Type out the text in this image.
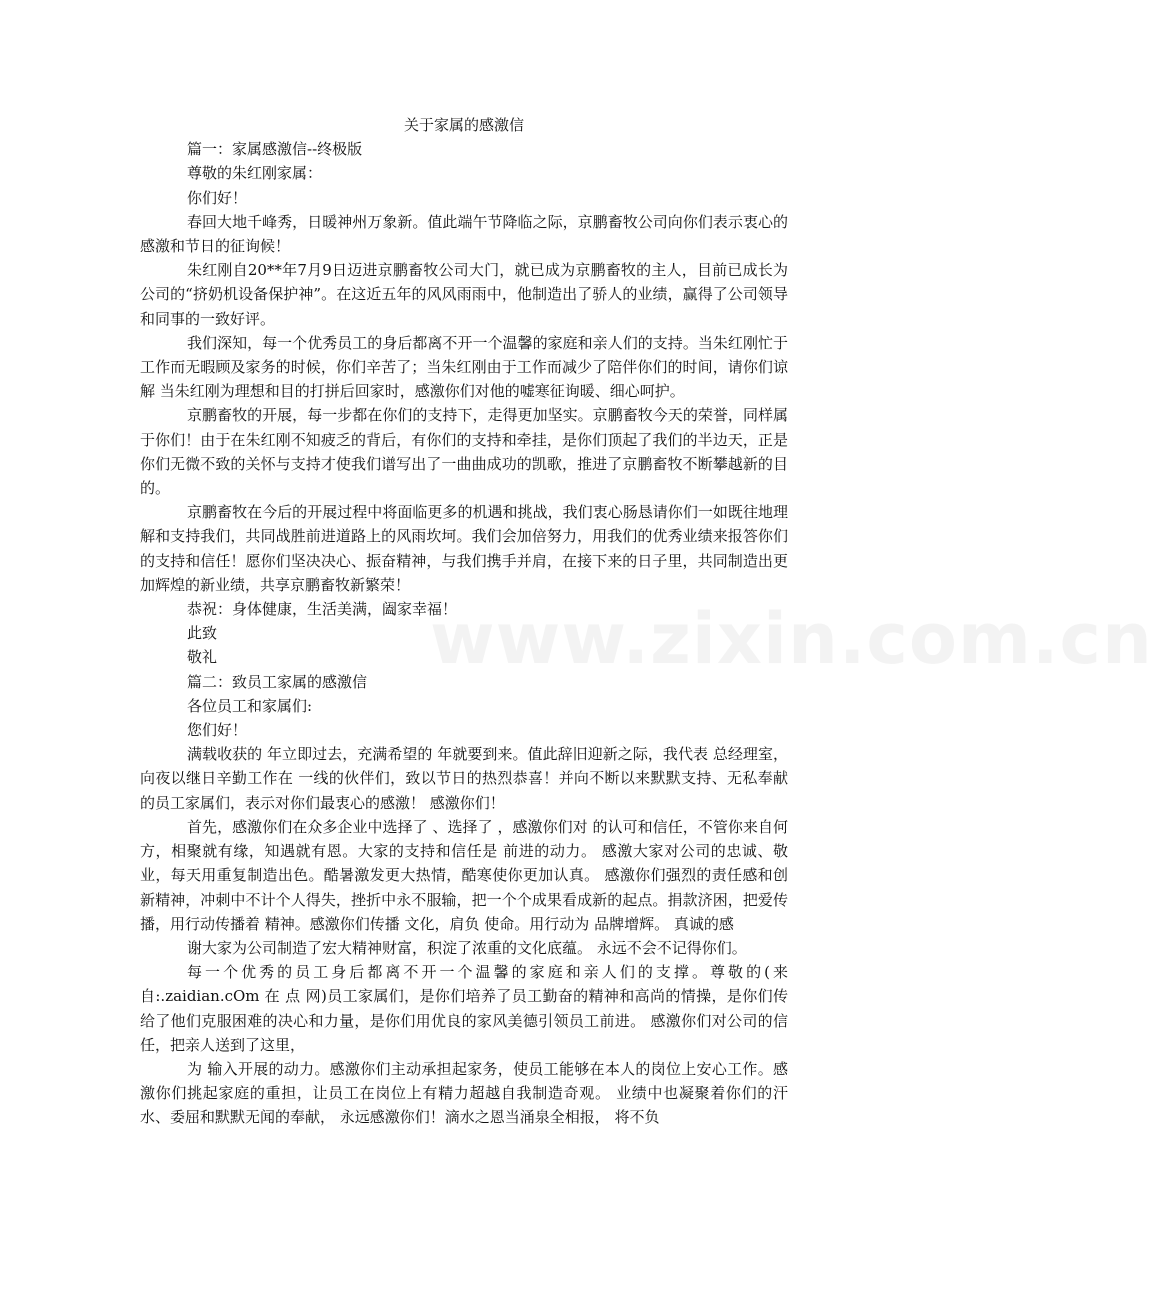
关于家属的感激信

篇一：家属感激信--终极版

尊敬的朱红刚家属：

你们好！

春回大地千峰秀，日暖神州万象新。值此端午节降临之际，京鹏畜牧公司向你们表示衷心的感激和节日的征询候！

朱红刚自20**年7月9日迈进京鹏畜牧公司大门，就已成为京鹏畜牧的主人，目前已成长为公司的“挤奶机设备保护神”。在这近五年的风风雨雨中，他制造出了骄人的业绩，赢得了公司领导和同事的一致好评。

我们深知，每一个优秀员工的身后都离不开一个温馨的家庭和亲人们的支持。当朱红刚忙于工作而无暇顾及家务的时候，你们辛苦了；当朱红刚由于工作而减少了陪伴你们的时间，请你们谅解 当朱红刚为理想和目的打拼后回家时，感激你们对他的嘘寒征询暖、细心呵护。

京鹏畜牧的开展，每一步都在你们的支持下，走得更加坚实。京鹏畜牧今天的荣誉，同样属于你们！由于在朱红刚不知疲乏的背后，有你们的支持和牵挂，是你们顶起了我们的半边天，正是你们无微不致的关怀与支持才使我们谱写出了一曲曲成功的凯歌，推进了京鹏畜牧不断攀越新的目的。

京鹏畜牧在今后的开展过程中将面临更多的机遇和挑战，我们衷心肠恳请你们一如既往地理解和支持我们，共同战胜前进道路上的风雨坎坷。我们会加倍努力，用我们的优秀业绩来报答你们的支持和信任！愿你们坚决决心、振奋精神，与我们携手并肩，在接下来的日子里，共同制造出更加辉煌的新业绩，共享京鹏畜牧新繁荣！

恭祝：身体健康，生活美满，阖家幸福！

此致

敬礼

篇二：致员工家属的感激信

各位员工和家属们:

您们好！

满载收获的 年立即过去，充满希望的 年就要到来。值此辞旧迎新之际，我代表 总经理室，向夜以继日辛勤工作在 一线的伙伴们，致以节日的热烈恭喜！并向不断以来默默支持、无私奉献的员工家属们，表示对你们最衷心的感激！ 感激你们！

首先，感激你们在众多企业中选择了 、选择了 ，感激你们对 的认可和信任，不管你来自何方，相聚就有缘，知遇就有恩。大家的支持和信任是 前进的动力。 感激大家对公司的忠诚、敬业，每天用重复制造出色。酷暑激发更大热情，酷寒使你更加认真。 感激你们强烈的责任感和创新精神，冲刺中不计个人得失，挫折中永不服输，把一个个成果看成新的起点。捐款济困，把爱传播，用行动传播着 精神。感激你们传播 文化，肩负 使命。用行动为 品牌增辉。 真诚的感

谢大家为公司制造了宏大精神财富，积淀了浓重的文化底蕴。 永远不会不记得你们。

每一个优秀的员工身后都离不开一个温馨的家庭和亲人们的支撑。尊敬的(来自:.zaidian.cOm 在 点 网)员工家属们，是你们培养了员工勤奋的精神和高尚的情操，是你们传给了他们克服困难的决心和力量，是你们用优良的家风美德引领员工前进。 感激你们对公司的信任，把亲人送到了这里，

为 输入开展的动力。感激你们主动承担起家务，使员工能够在本人的岗位上安心工作。感激你们挑起家庭的重担，让员工在岗位上有精力超越自我制造奇观。 业绩中也凝聚着你们的汗水、委屈和默默无闻的奉献， 永远感激你们！滴水之恩当涌泉全相报， 将不负

www.zixin.com.cn
